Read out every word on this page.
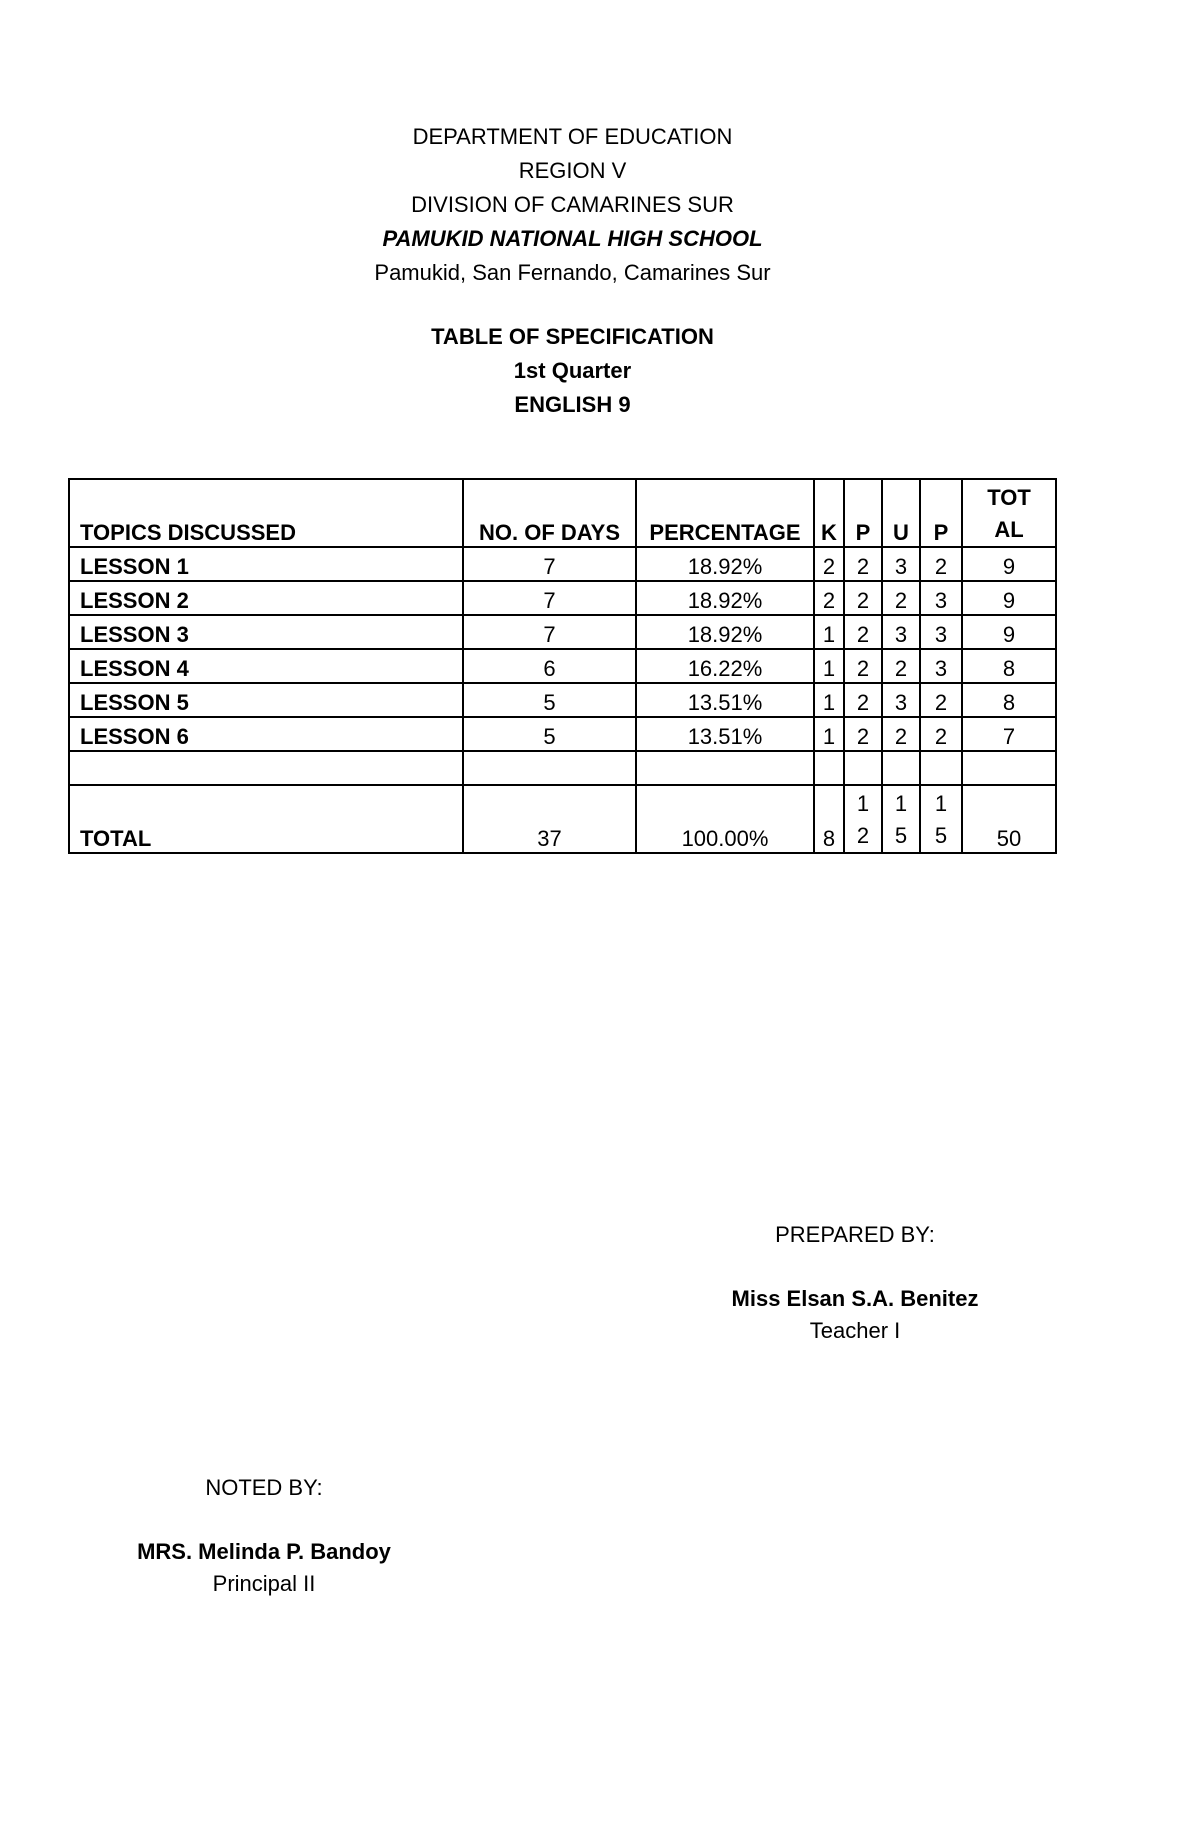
DEPARTMENT OF EDUCATION
REGION V
DIVISION OF CAMARINES SUR
PAMUKID NATIONAL HIGH SCHOOL
Pamukid, San Fernando, Camarines Sur
TABLE OF SPECIFICATION
1st Quarter
ENGLISH 9
TOPICS DISCUSSED	NO. OF DAYS	PERCENTAGE	K	P	U	P	TOTAL
LESSON 1	7	18.92%	2	2	3	2	9
LESSON 2	7	18.92%	2	2	2	3	9
LESSON 3	7	18.92%	1	2	3	3	9
LESSON 4	6	16.22%	1	2	2	3	8
LESSON 5	5	13.51%	1	2	3	2	8
LESSON 6	5	13.51%	1	2	2	2	7

TOTAL	37	100.00%	8	12	15	15	50
PREPARED BY:
Miss Elsan S.A. Benitez
Teacher I
NOTED BY:
MRS. Melinda P. Bandoy
Principal II
